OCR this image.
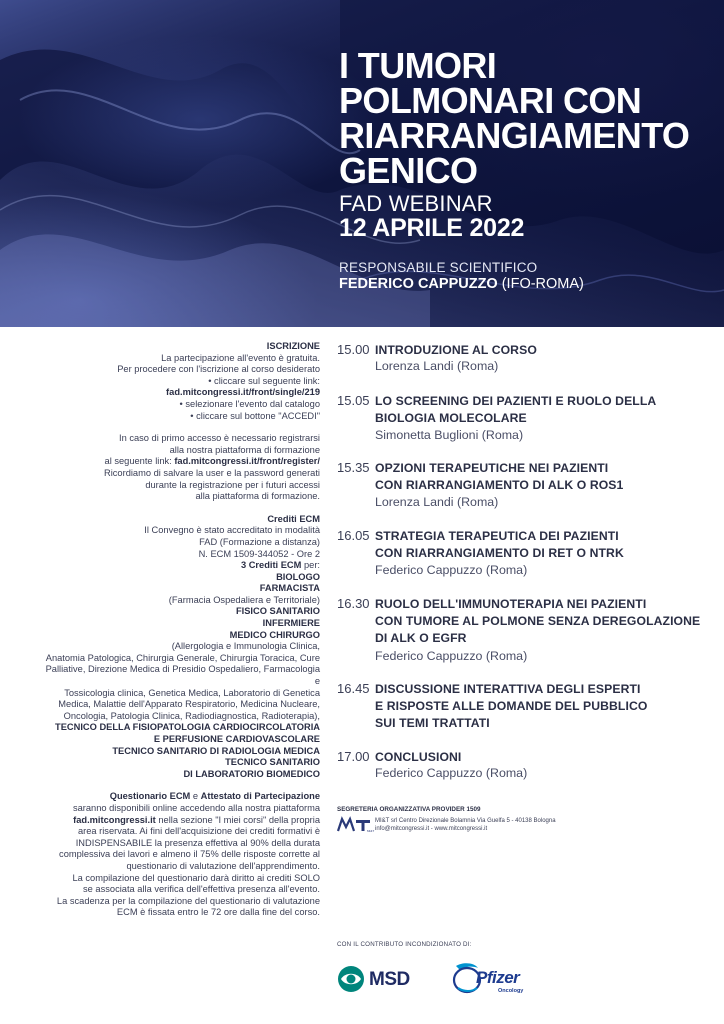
I TUMORI
POLMONARI CON
RIARRANGIAMENTO
GENICO
FAD WEBINAR
12 APRILE 2022
RESPONSABILE SCIENTIFICO
FEDERICO CAPPUZZO (IFO-ROMA)

ISCRIZIONE

La partecipazione all'evento è gratuita.

Per procedere con l'iscrizione al corso desiderato

• cliccare sul seguente link:

fad.mitcongressi.it/front/single/219

• selezionare l'evento dal catalogo

• cliccare sul bottone "ACCEDI"

In caso di primo accesso è necessario registrarsi

alla nostra piattaforma di formazione

al seguente link: fad.mitcongressi.it/front/register/

Ricordiamo di salvare la user e la password generati

durante la registrazione per i futuri accessi

alla piattaforma di formazione.

Crediti ECM

Il Convegno è stato accreditato in modalità

FAD (Formazione a distanza)

N. ECM 1509-344052 - Ore 2

3 Crediti ECM per:

BIOLOGO

FARMACISTA

(Farmacia Ospedaliera e Territoriale)

FISICO SANITARIO

INFERMIERE

MEDICO CHIRURGO

(Allergologia e Immunologia Clinica,

Anatomia Patologica, Chirurgia Generale, Chirurgia Toracica, Cure

Palliative, Direzione Medica di Presidio Ospedaliero, Farmacologia e

Tossicologia clinica, Genetica Medica, Laboratorio di Genetica

Medica, Malattie dell'Apparato Respiratorio, Medicina Nucleare,

Oncologia, Patologia Clinica, Radiodiagnostica, Radioterapia),

TECNICO DELLA FISIOPATOLOGIA CARDIOCIRCOLATORIA

E PERFUSIONE CARDIOVASCOLARE

TECNICO SANITARIO DI RADIOLOGIA MEDICA

TECNICO SANITARIO

DI LABORATORIO BIOMEDICO

Questionario ECM e Attestato di Partecipazione

saranno disponibili online accedendo alla nostra piattaforma

fad.mitcongressi.it nella sezione "I miei corsi" della propria

area riservata. Ai fini dell'acquisizione dei crediti formativi è

INDISPENSABILE la presenza effettiva al 90% della durata

complessiva dei lavori e almeno il 75% delle risposte corrette al

questionario di valutazione dell'apprendimento.

La compilazione del questionario darà diritto ai crediti SOLO

se associata alla verifica dell'effettiva presenza all'evento.

La scadenza per la compilazione del questionario di valutazione

ECM è fissata entro le 72 ore dalla fine del corso.

15.00 INTRODUZIONE AL CORSO
Lorenza Landi (Roma)
15.05 LO SCREENING DEI PAZIENTI E RUOLO DELLA
BIOLOGIA MOLECOLARE
Simonetta Buglioni (Roma)
15.35 OPZIONI TERAPEUTICHE NEI PAZIENTI
CON RIARRANGIAMENTO DI ALK O ROS1
Lorenza Landi (Roma)
16.05 STRATEGIA TERAPEUTICA DEI PAZIENTI
CON RIARRANGIAMENTO DI RET O NTRK
Federico Cappuzzo (Roma)
16.30 RUOLO DELL'IMMUNOTERAPIA NEI PAZIENTI
CON TUMORE AL POLMONE SENZA DEREGOLAZIONE
DI ALK O EGFR
Federico Cappuzzo (Roma)
16.45 DISCUSSIONE INTERATTIVA DEGLI ESPERTI
E RISPOSTE ALLE DOMANDE DEL PUBBLICO
SUI TEMI TRATTATI
17.00 CONCLUSIONI
Federico Cappuzzo (Roma)
SEGRETERIA ORGANIZZATIVA PROVIDER 1509
MI&T
MI&T srl Centro Direzionale Bolamnia Via Guelfa 5 - 40138 Bologna
info@mitcongressi.it - www.mitcongressi.it
CON IL CONTRIBUTO INCONDIZIONATO DI:
MSD	Pfizer
Oncology
